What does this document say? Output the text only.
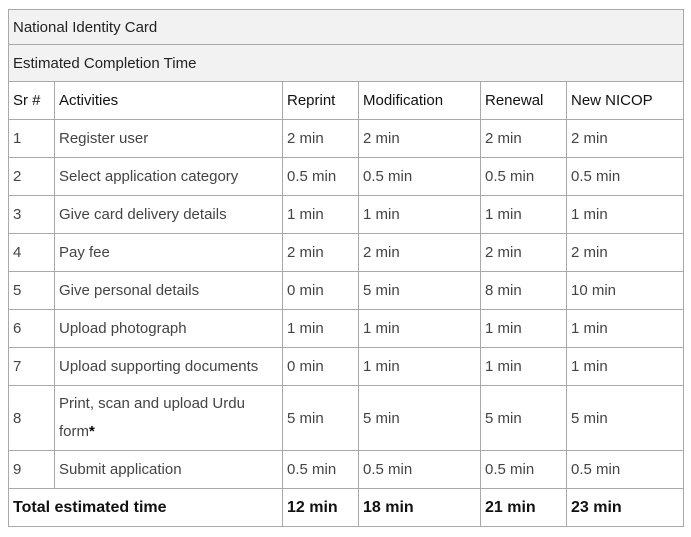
National Identity Card					
Estimated Completion Time					
Sr #	Activities	Reprint	Modification	Renewal	New NICOP
1	Register user	2 min	2 min	2 min	2 min
2	Select application category	0.5 min	0.5 min	0.5 min	0.5 min
3	Give card delivery details	1 min	1 min	1 min	1 min
4	Pay fee	2 min	2 min	2 min	2 min
5	Give personal details	0 min	5 min	8 min	10 min
6	Upload photograph	1 min	1 min	1 min	1 min
7	Upload supporting documents	0 min	1 min	1 min	1 min
8	Print, scan and upload Urdu form*	5 min	5 min	5 min	5 min
9	Submit application	0.5 min	0.5 min	0.5 min	0.5 min
Total estimated time		12 min	18 min	21 min	23 min
